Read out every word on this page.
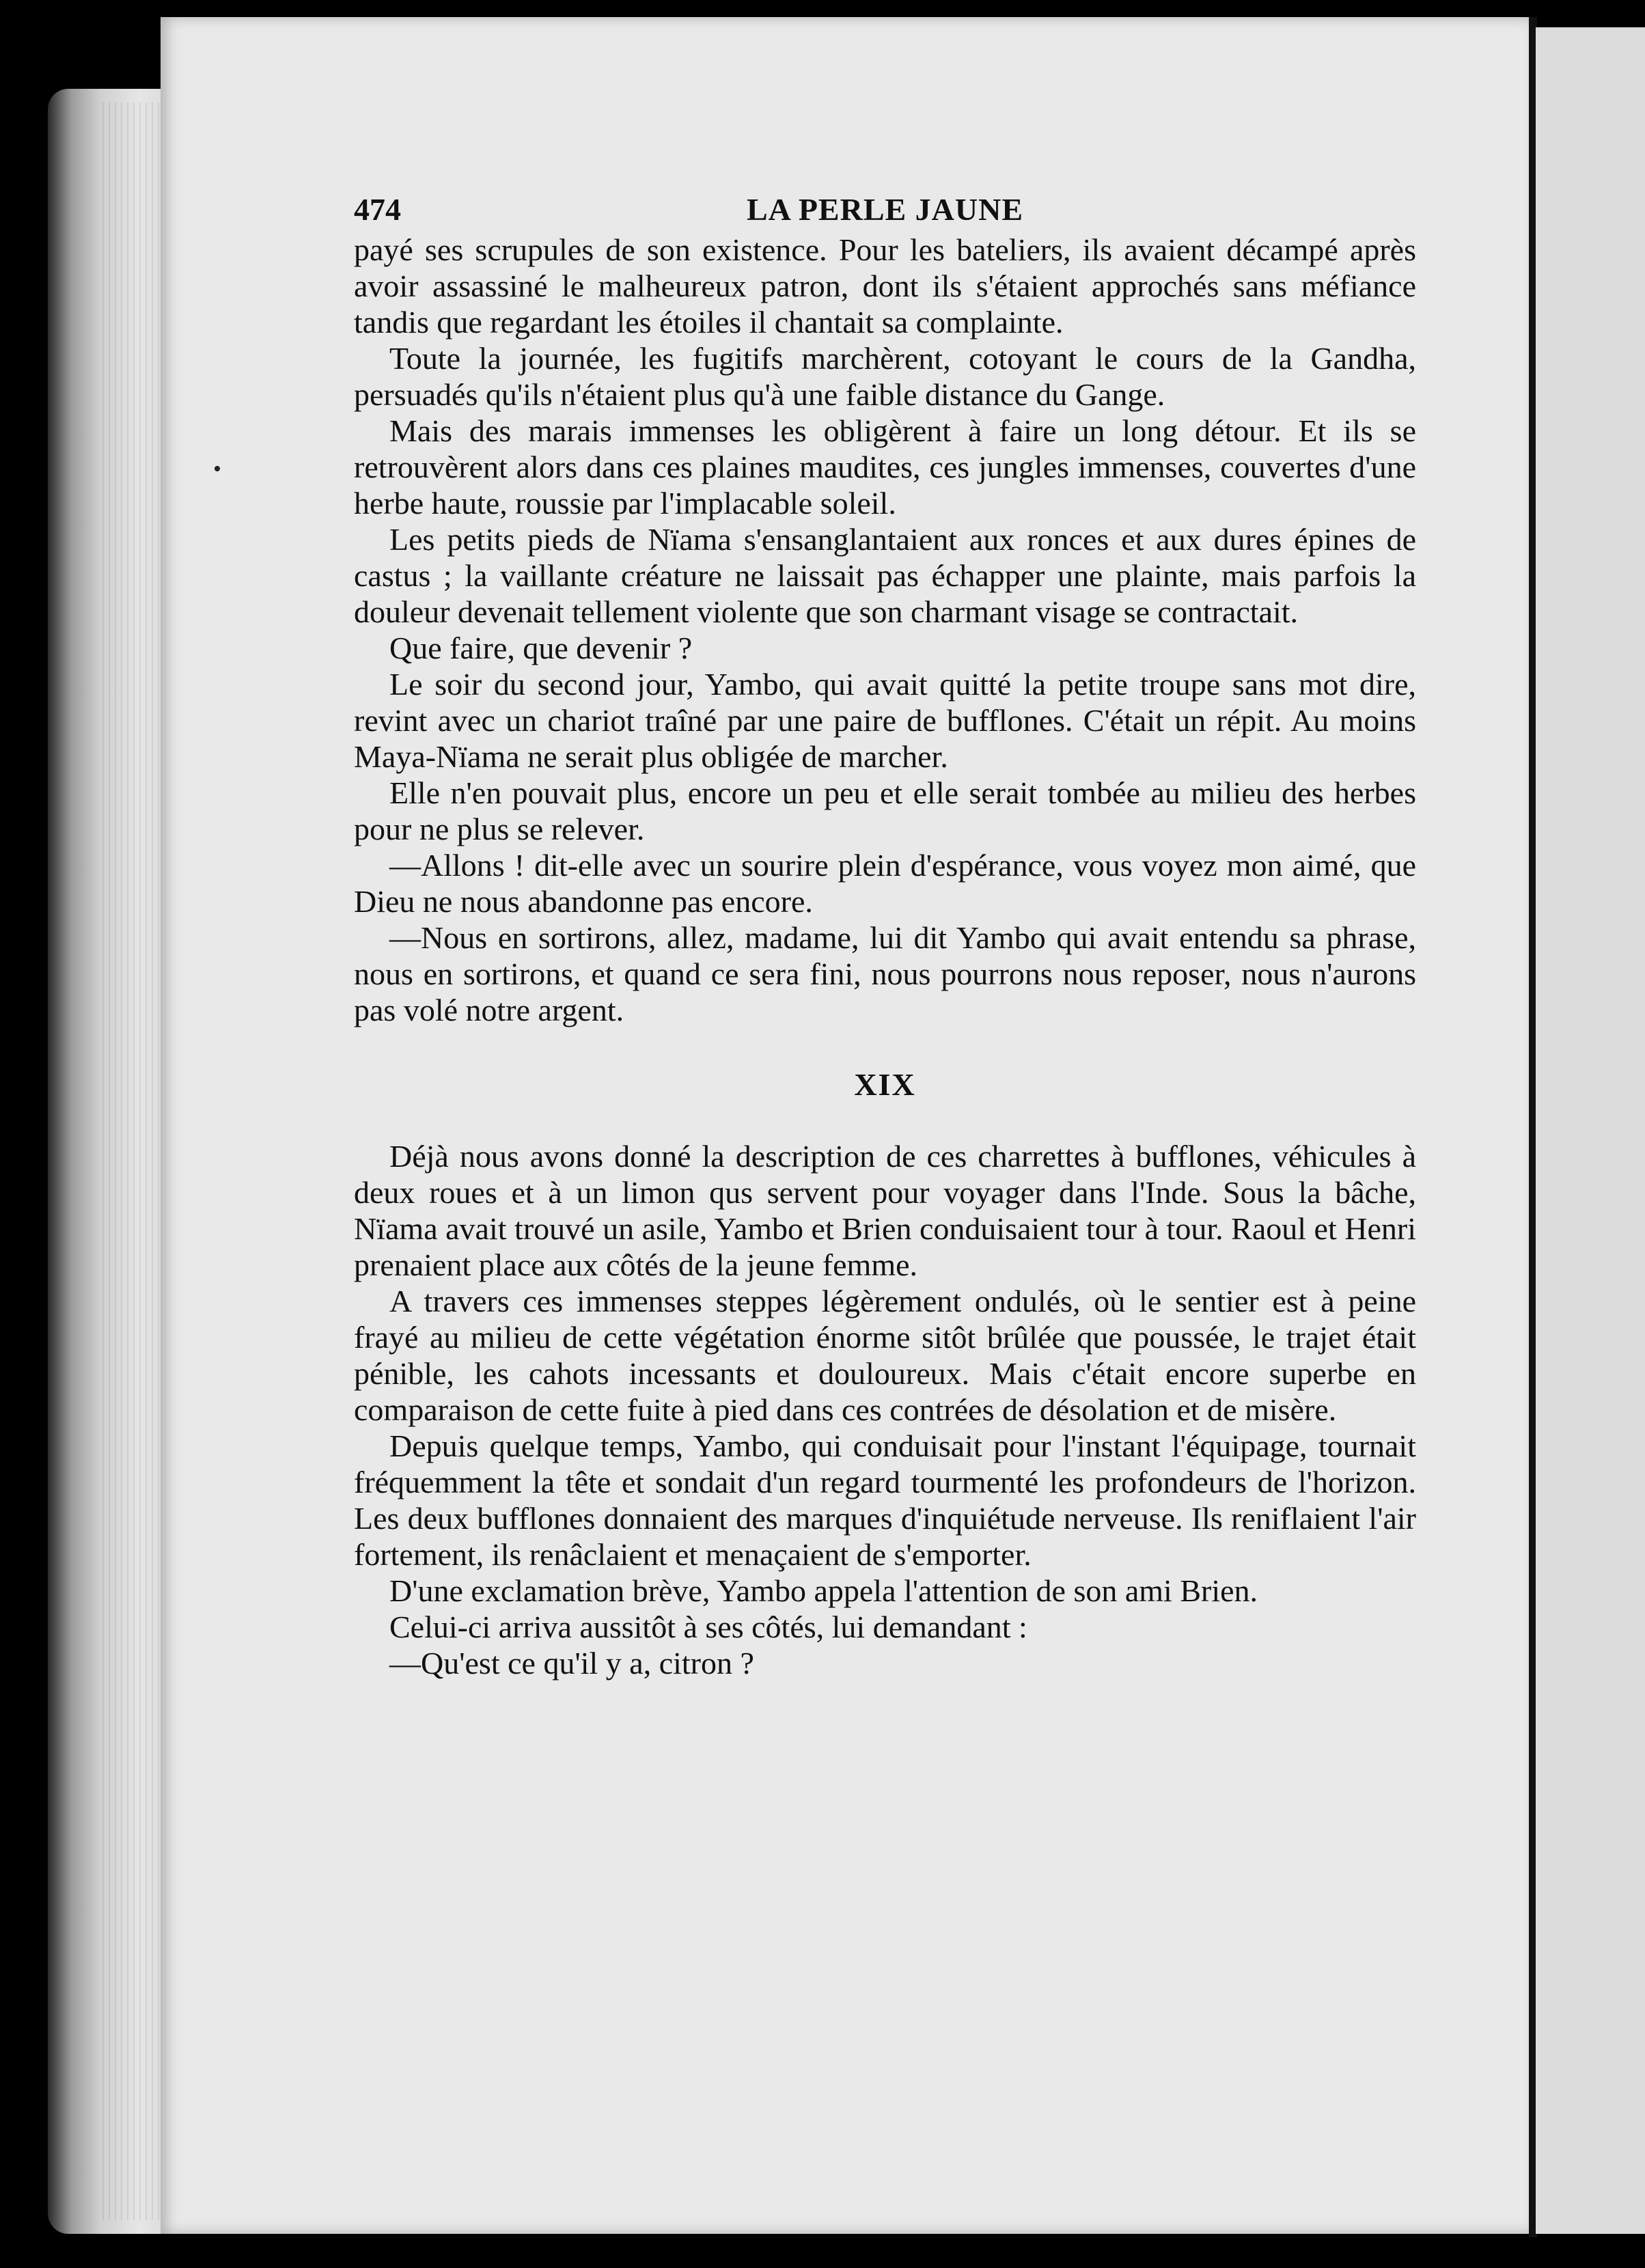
474	LA PERLE JAUNE

payé ses scrupules de son existence. Pour les bateliers, ils avaient décampé après avoir assassiné le malheureux patron, dont ils s'étaient approchés sans méfiance tandis que regardant les étoiles il chantait sa complainte.

Toute la journée, les fugitifs marchèrent, cotoyant le cours de la Gandha, persuadés qu'ils n'étaient plus qu'à une faible distance du Gange.

Mais des marais immenses les obligèrent à faire un long détour. Et ils se retrouvèrent alors dans ces plaines maudites, ces jungles immenses, couvertes d'une herbe haute, roussie par l'implacable soleil.

Les petits pieds de Nïama s'ensanglantaient aux ronces et aux dures épines de castus ; la vaillante créature ne laissait pas échapper une plainte, mais parfois la douleur devenait tellement violente que son charmant visage se contractait.

Que faire, que devenir ?

Le soir du second jour, Yambo, qui avait quitté la petite troupe sans mot dire, revint avec un chariot traîné par une paire de bufflones. C'était un répit. Au moins Maya-Nïama ne serait plus obligée de marcher.

Elle n'en pouvait plus, encore un peu et elle serait tombée au milieu des herbes pour ne plus se relever.

—Allons ! dit-elle avec un sourire plein d'espérance, vous voyez mon aimé, que Dieu ne nous abandonne pas encore.

—Nous en sortirons, allez, madame, lui dit Yambo qui avait entendu sa phrase, nous en sortirons, et quand ce sera fini, nous pourrons nous reposer, nous n'aurons pas volé notre argent.

XIX

Déjà nous avons donné la description de ces charrettes à bufflones, véhicules à deux roues et à un limon qus servent pour voyager dans l'Inde. Sous la bâche, Nïama avait trouvé un asile, Yambo et Brien conduisaient tour à tour. Raoul et Henri prenaient place aux côtés de la jeune femme.

A travers ces immenses steppes légèrement ondulés, où le sentier est à peine frayé au milieu de cette végétation énorme sitôt brûlée que poussée, le trajet était pénible, les cahots incessants et douloureux. Mais c'était encore superbe en comparaison de cette fuite à pied dans ces contrées de désolation et de misère.

Depuis quelque temps, Yambo, qui conduisait pour l'instant l'équipage, tournait fréquemment la tête et sondait d'un regard tourmenté les profondeurs de l'horizon. Les deux bufflones donnaient des marques d'inquiétude nerveuse. Ils reniflaient l'air fortement, ils renâclaient et menaçaient de s'emporter.

D'une exclamation brève, Yambo appela l'attention de son ami Brien.

Celui-ci arriva aussitôt à ses côtés, lui demandant :

—Qu'est ce qu'il y a, citron ?
